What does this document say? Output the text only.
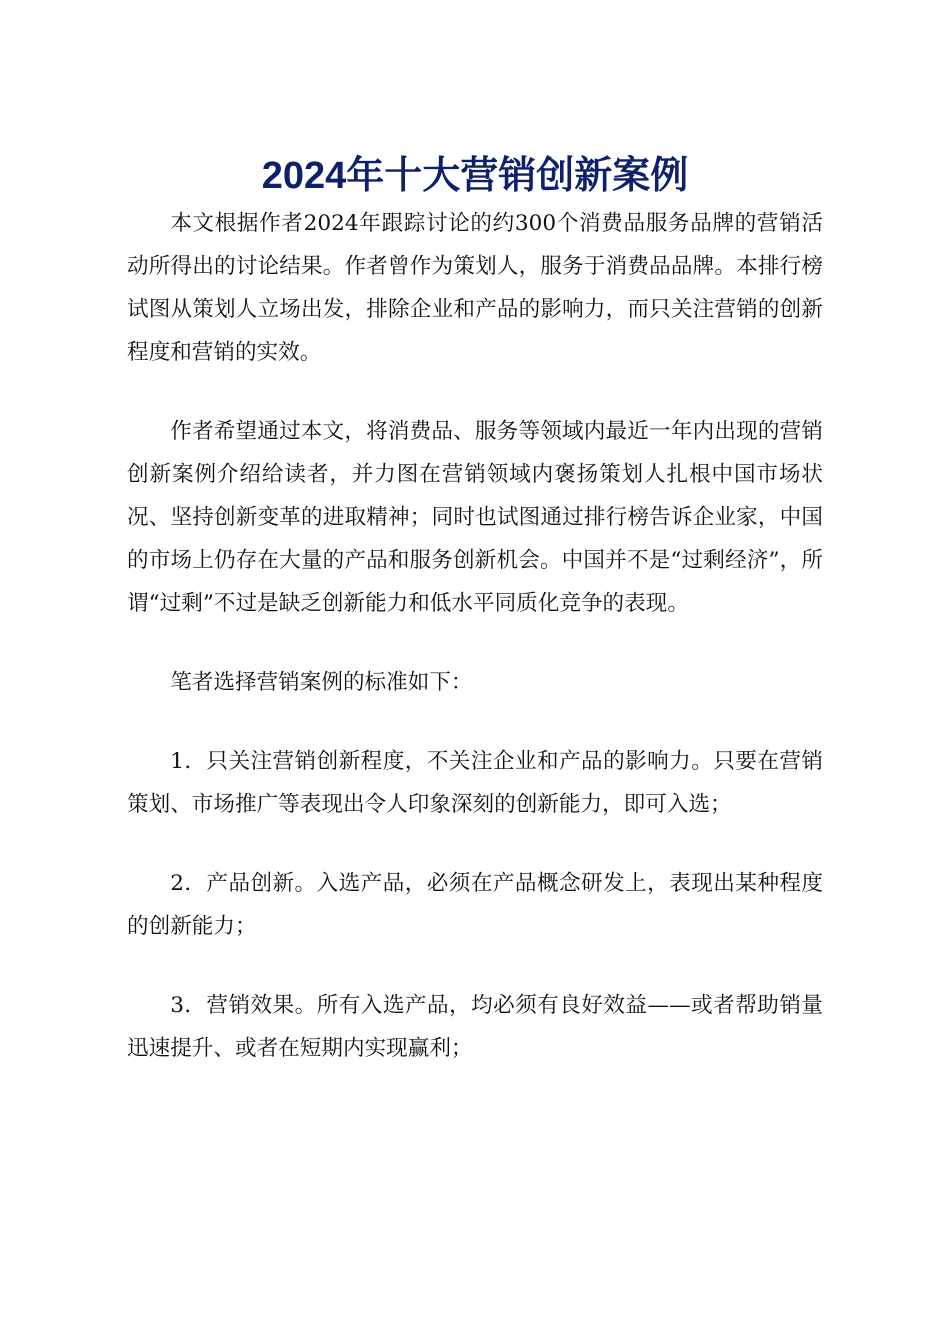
2024年十大营销创新案例

本文根据作者2024年跟踪讨论的约300个消费品服务品牌的营销活动所得出的讨论结果。作者曾作为策划人，服务于消费品品牌。本排行榜试图从策划人立场出发，排除企业和产品的影响力，而只关注营销的创新程度和营销的实效。

作者希望通过本文，将消费品、服务等领域内最近一年内出现的营销创新案例介绍给读者，并力图在营销领域内褒扬策划人扎根中国市场状况、坚持创新变革的进取精神；同时也试图通过排行榜告诉企业家，中国的市场上仍存在大量的产品和服务创新机会。中国并不是“过剩经济”，所谓“过剩”不过是缺乏创新能力和低水平同质化竞争的表现。

笔者选择营销案例的标准如下：

1．只关注营销创新程度，不关注企业和产品的影响力。只要在营销策划、市场推广等表现出令人印象深刻的创新能力，即可入选；

2．产品创新。入选产品，必须在产品概念研发上，表现出某种程度的创新能力；

3．营销效果。所有入选产品，均必须有良好效益——或者帮助销量迅速提升、或者在短期内实现赢利；
